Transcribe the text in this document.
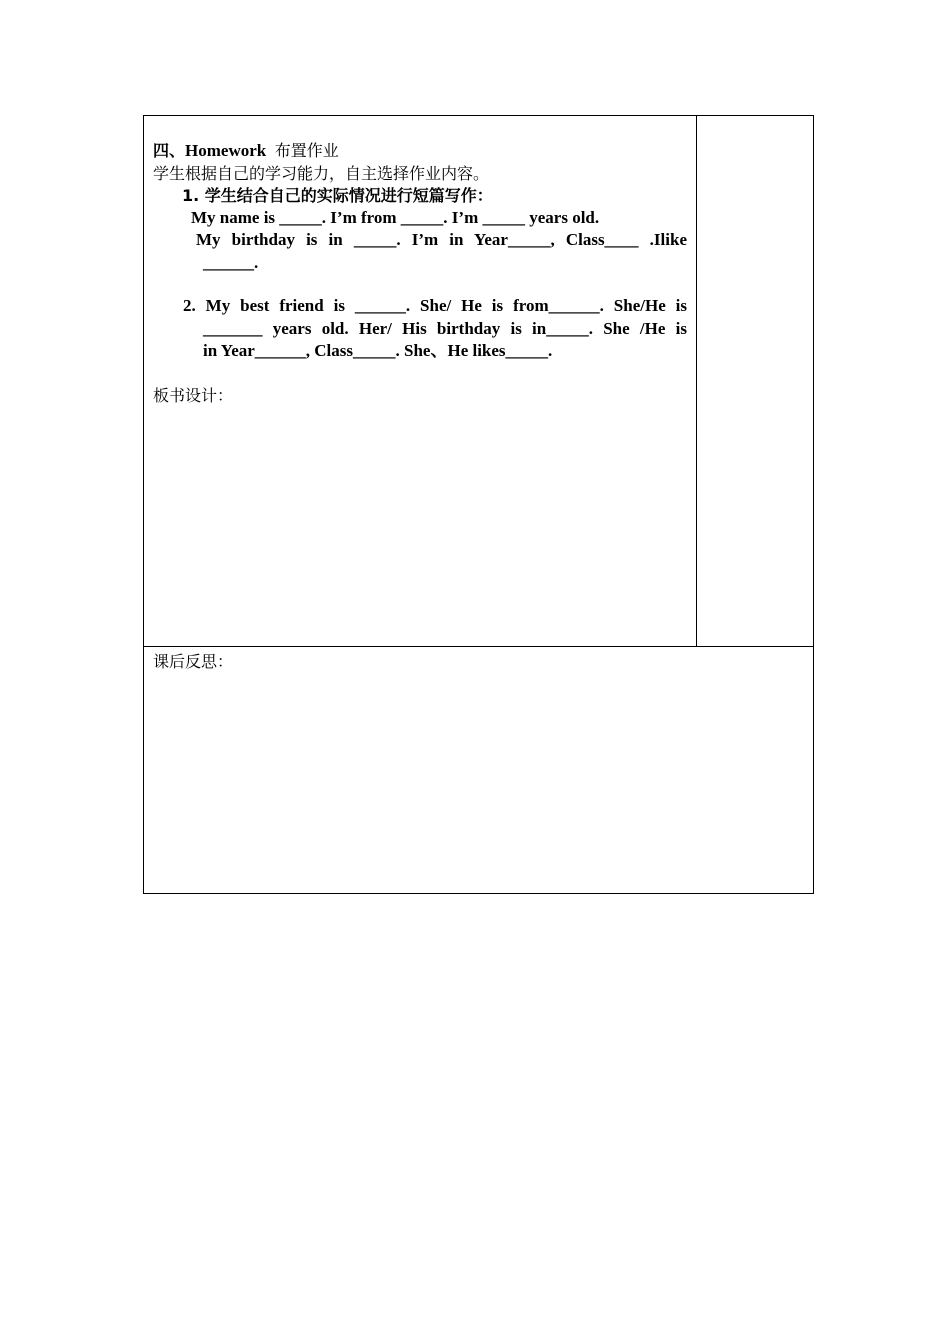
四、Homework 布置作业
学生根据自己的学习能力，自主选择作业内容。
1. 学生结合自己的实际情况进行短篇写作：
My name is _____. I’m from _____. I’m _____ years old.
My birthday is in _____. I’m in Year_____, Class____ .Ilike
______.
2. My best friend is ______. She/ He is from______. She/He is
_______ years old. Her/ His birthday is in_____. She /He is
in Year______, Class_____. She、He likes_____.
板书设计：
课后反思：
